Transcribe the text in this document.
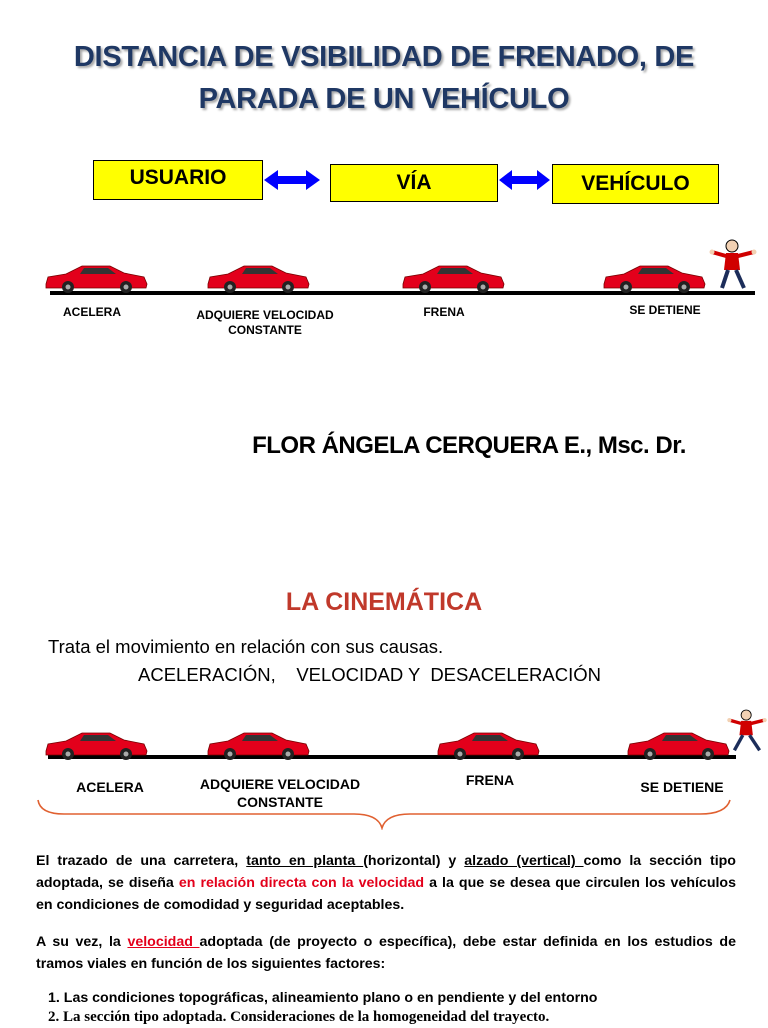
DISTANCIA DE VSIBILIDAD DE FRENADO, DE
PARADA DE UN VEHÍCULO
USUARIO	VÍA	VEHÍCULO
ACELERA	ADQUIERE VELOCIDAD
CONSTANTE
FRENA	SE DETIENE
FLOR ÁNGELA CERQUERA E., Msc. Dr.
LA CINEMÁTICA
Trata el movimiento en relación con sus causas.
ACELERACIÓN,    VELOCIDAD Y  DESACELERACIÓN
ACELERA	ADQUIERE VELOCIDAD
CONSTANTE
FRENA	SE DETIENE
El trazado de una carretera, tanto en planta (horizontal) y alzado (vertical) como la sección tipo adoptada, se diseña en relación directa con la velocidad a la que se desea que circulen los vehículos en condiciones de comodidad y seguridad aceptables.
A su vez, la velocidad adoptada (de proyecto o específica), debe estar definida en los estudios de tramos viales en función de los siguientes factores:
1. Las condiciones topográficas, alineamiento plano o en pendiente y del entorno
2. La sección tipo adoptada. Consideraciones de la homogeneidad del trayecto.
